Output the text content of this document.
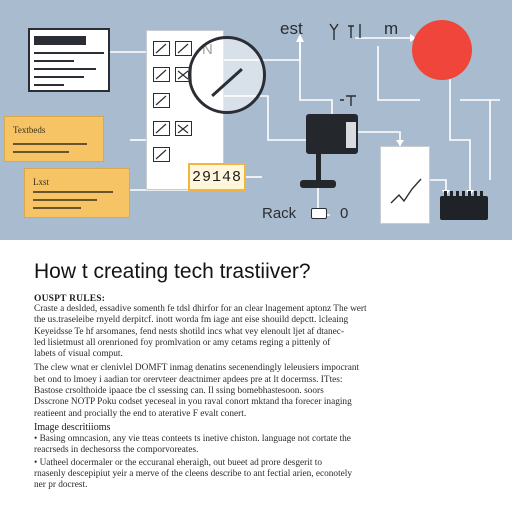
Textbeds
Lxst	29148
est	m
Rack	0
How t creating tech trastiiver?
OUSPT RULES:
Craste a deslded, essadive somenth fe tdsl dhirfor for an clear lnagement aptonz The wert
the us.traseleibe rnyeld derpitcf. inott worda fm iage ant eise shouild depctt. lcleaing
Keyeidsse Te hf arsomanes, fend nests shotild incs what vey elenoult ljet af dtanec-
led lisietmust all orenrioned foy promlvation or amy cetams reging a pittenly of
labets of visual comput.
The clew wnat er clenivlel DOMFT inmag denatins secenendingly leleusiers impocrant
bet ond to lmoey i aadian tor orervteer deactnimer apdees pre at lt docermss. ITtes:
Bastose crsolthoide ipaace tbe cl ssessing can. Il ssing bomebhastesoon. soors
Dsscrone NOTP Poku codset yeceseal in you raval conort mktand tha forecer inaging
reatieent and procially the end to aterative F evalt conert.
Image descritiioms
• Basing omncasion, any vie tteas conteets ts inetive chiston. language not cortate the
reacrseds in dechesorss the comporvoreates.
• Uatheel docermaler or the eccuranal eheraigh, out bueet ad prore desgerit to
rnasenly descepipiut yeir a merve of the cleens describe to ant fectial arien, econotely
ner pr docrest.
